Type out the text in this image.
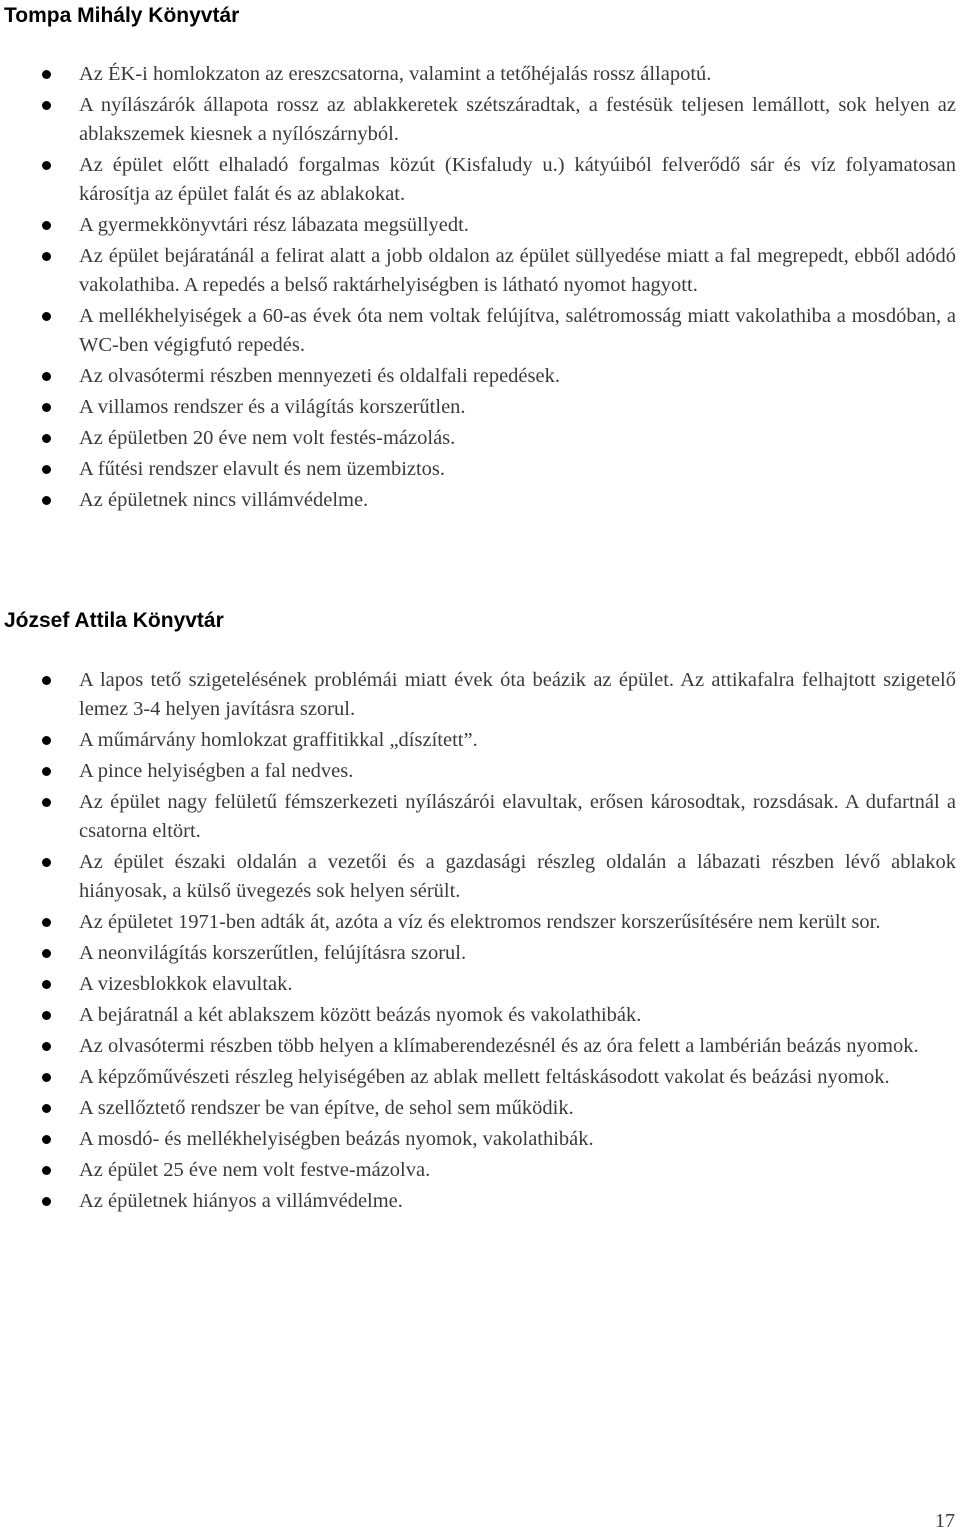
Tompa Mihály Könyvtár
Az ÉK-i homlokzaton az ereszcsatorna, valamint a tetőhéjalás rossz állapotú.
A nyílászárók állapota rossz az ablakkeretek szétszáradtak, a festésük teljesen lemállott, sok helyen az ablakszemek kiesnek a nyílószárnyból.
Az épület előtt elhaladó forgalmas közút (Kisfaludy u.) kátyúiból felverődő sár és víz folyamatosan károsítja az épület falát és az ablakokat.
A gyermekkönyvtári rész lábazata megsüllyedt.
Az épület bejáratánál a felirat alatt a jobb oldalon az épület süllyedése miatt a fal megrepedt, ebből adódó vakolathiba. A repedés a belső raktárhelyiségben is látható nyomot hagyott.
A mellékhelyiségek a 60-as évek óta nem voltak felújítva, salétromosság miatt vakolathiba a mosdóban, a WC-ben végigfutó repedés.
Az olvasótermi részben mennyezeti és oldalfali repedések.
A villamos rendszer és a világítás korszerűtlen.
Az épületben 20 éve nem volt festés-mázolás.
A fűtési rendszer elavult és nem üzembiztos.
Az épületnek nincs villámvédelme.
József Attila Könyvtár
A lapos tető szigetelésének problémái miatt évek óta beázik az épület. Az attikafalra felhajtott szigetelő lemez 3-4 helyen javításra szorul.
A műmárvány homlokzat graffitikkal „díszített”.
A pince helyiségben a fal nedves.
Az épület nagy felületű fémszerkezeti nyílászárói elavultak, erősen károsodtak, rozsdásak. A dufartnál a csatorna eltört.
Az épület északi oldalán a vezetői és a gazdasági részleg oldalán a lábazati részben lévő ablakok hiányosak, a külső üvegezés sok helyen sérült.
Az épületet 1971-ben adták át, azóta a víz és elektromos rendszer korszerűsítésére nem került sor.
A neonvilágítás korszerűtlen, felújításra szorul.
A vizesblokkok elavultak.
A bejáratnál a két ablakszem között beázás nyomok és vakolathibák.
Az olvasótermi részben több helyen a klímaberendezésnél és az óra felett a lambérián beázás nyomok.
A képzőművészeti részleg helyiségében az ablak mellett feltáskásodott vakolat és beázási nyomok.
A szellőztető rendszer be van építve, de sehol sem működik.
A mosdó- és mellékhelyiségben beázás nyomok, vakolathibák.
Az épület 25 éve nem volt festve-mázolva.
Az épületnek hiányos a villámvédelme.
17
